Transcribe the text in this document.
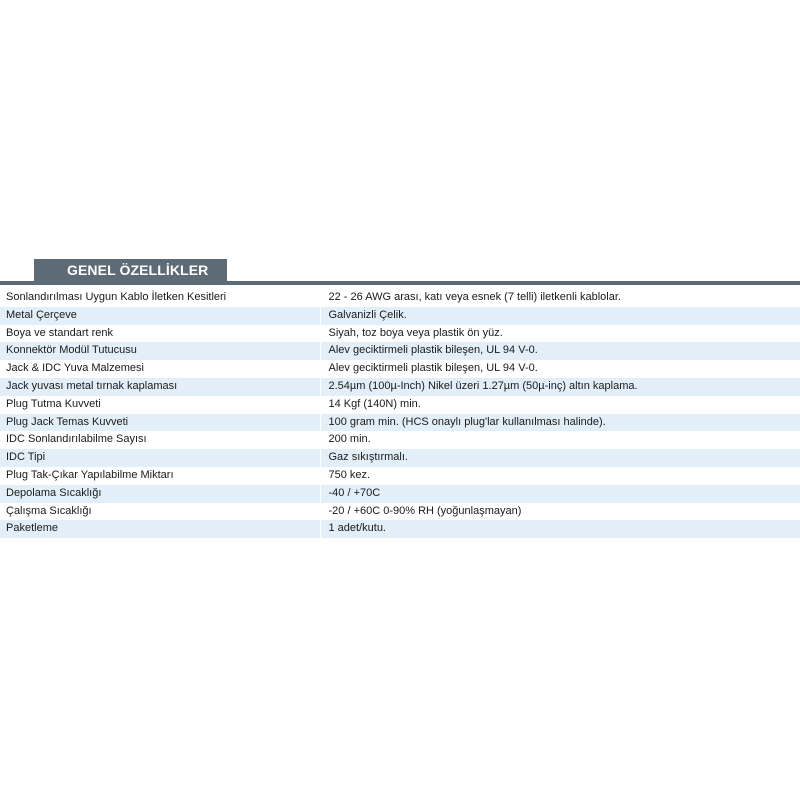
GENEL ÖZELLİKLER
Sonlandırılması Uygun Kablo İletken Kesitleri	22 - 26 AWG arası, katı veya esnek (7 telli) iletkenli kablolar.
Metal Çerçeve	Galvanizli Çelik.
Boya ve standart renk	Siyah, toz boya veya plastik ön yüz.
Konnektör Modül Tutucusu	Alev geciktirmeli plastik bileşen, UL 94 V-0.
Jack & IDC Yuva Malzemesi	Alev geciktirmeli plastik bileşen, UL 94 V-0.
Jack yuvası metal tırnak kaplaması	2.54µm (100µ-Inch) Nikel üzeri 1.27µm (50µ-inç) altın kaplama.
Plug Tutma Kuvveti	14 Kgf (140N) min.
Plug Jack Temas Kuvveti	100 gram min. (HCS onaylı plug'lar kullanılması halinde).
IDC Sonlandırılabilme Sayısı	200 min.
IDC Tipi	Gaz sıkıştırmalı.
Plug Tak-Çıkar Yapılabilme Miktarı	750 kez.
Depolama Sıcaklığı	-40 / +70C
Çalışma Sıcaklığı	-20 / +60C 0-90% RH (yoğunlaşmayan)
Paketleme	1 adet/kutu.
